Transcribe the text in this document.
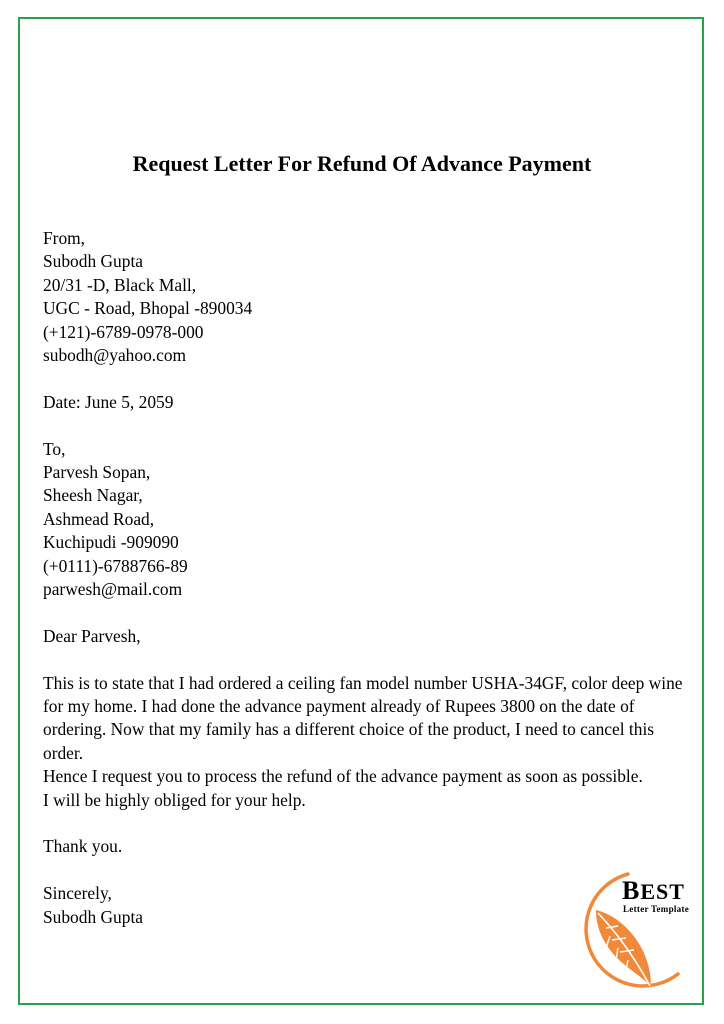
Request Letter For Refund Of Advance Payment
From,
Subodh Gupta
20/31 -D, Black Mall,
UGC - Road, Bhopal -890034
(+121)-6789-0978-000
subodh@yahoo.com
Date: June 5, 2059
To,
Parvesh Sopan,
Sheesh Nagar,
Ashmead Road,
Kuchipudi -909090
(+0111)-6788766-89
parwesh@mail.com
Dear Parvesh,
This is to state that I had ordered a ceiling fan model number USHA-34GF, color deep wine for my home. I had done the advance payment already of Rupees 3800 on the date of ordering. Now that my family has a different choice of the product, I need to cancel this order.
Hence I request you to process the refund of the advance payment as soon as possible.
I will be highly obliged for your help.
Thank you.
Sincerely,
Subodh Gupta
BEST
Letter Template
